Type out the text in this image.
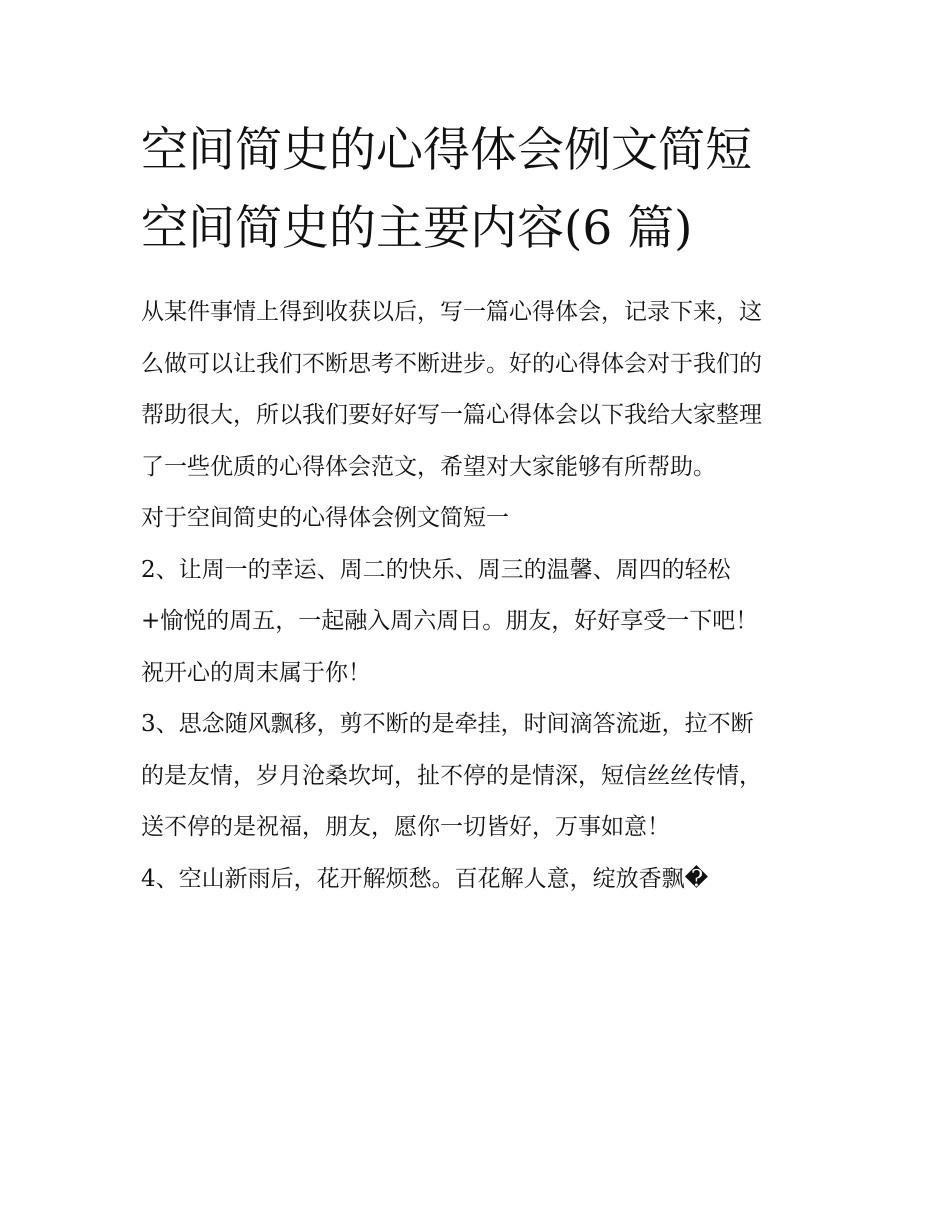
空间简史的心得体会例文简短
空间简史的主要内容(6 篇)
从某件事情上得到收获以后，写一篇心得体会，记录下来，这
么做可以让我们不断思考不断进步。好的心得体会对于我们的
帮助很大，所以我们要好好写一篇心得体会以下我给大家整理
了一些优质的心得体会范文，希望对大家能够有所帮助。
对于空间简史的心得体会例文简短一
2、让周一的幸运、周二的快乐、周三的温馨、周四的轻松
+愉悦的周五，一起融入周六周日。朋友，好好享受一下吧！
祝开心的周末属于你！
3、思念随风飘移，剪不断的是牵挂，时间滴答流逝，拉不断
的是友情，岁月沧桑坎坷，扯不停的是情深，短信丝丝传情，
送不停的是祝福，朋友，愿你一切皆好，万事如意！
4、空山新雨后，花开解烦愁。百花解人意，绽放香飘�
